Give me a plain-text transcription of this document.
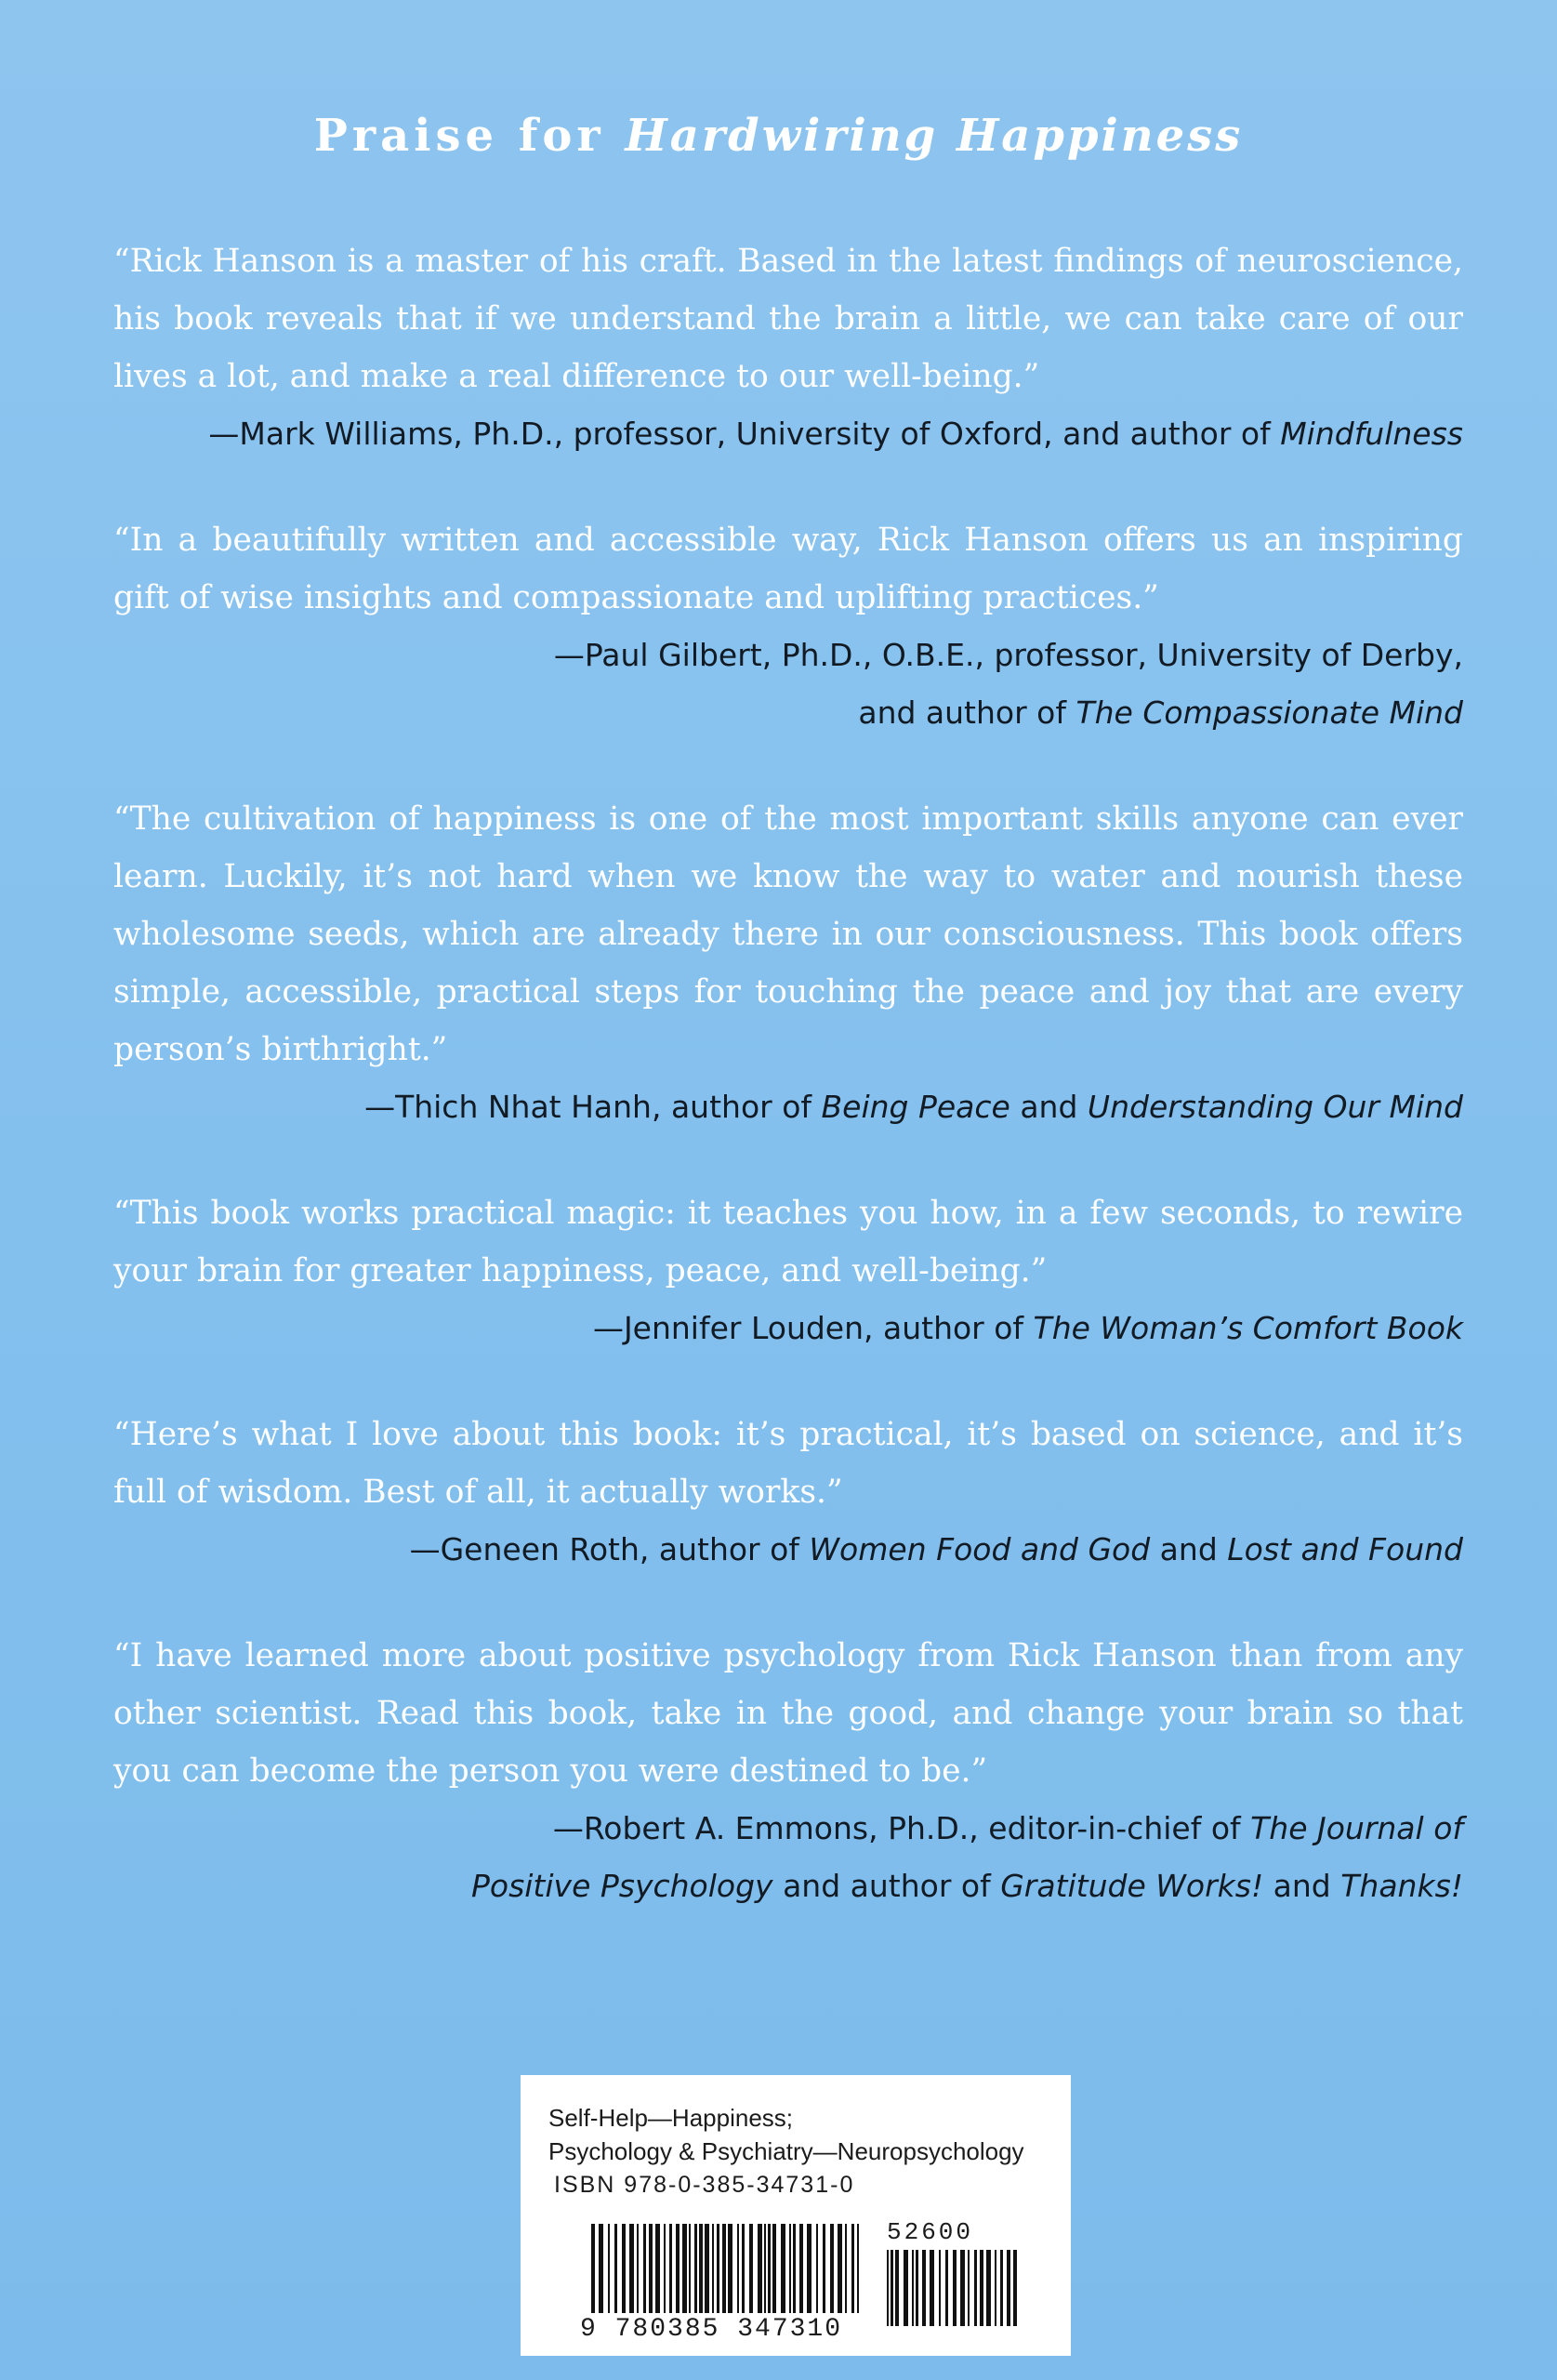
Praise for Hardwiring Happiness

“Rick Hanson is a master of his craft. Based in the latest findings of neuroscience, his book reveals that if we understand the brain a little, we can take care of our lives a lot, and make a real difference to our well-being.”

—Mark Williams, Ph.D., professor, University of Oxford, and author of Mindfulness

“In a beautifully written and accessible way, Rick Hanson offers us an inspiring gift of wise insights and compassionate and uplifting practices.”

—Paul Gilbert, Ph.D., O.B.E., professor, University of Derby,
and author of The Compassionate Mind

“The cultivation of happiness is one of the most important skills anyone can ever learn. Luckily, it’s not hard when we know the way to water and nourish these wholesome seeds, which are already there in our consciousness. This book offers simple, accessible, practical steps for touching the peace and joy that are every person’s birthright.”

—Thich Nhat Hanh, author of Being Peace and Understanding Our Mind

“This book works practical magic: it teaches you how, in a few seconds, to rewire your brain for greater happiness, peace, and well-being.”

—Jennifer Louden, author of The Woman’s Comfort Book

“Here’s what I love about this book: it’s practical, it’s based on science, and it’s full of wisdom. Best of all, it actually works.”

—Geneen Roth, author of Women Food and God and Lost and Found

“I have learned more about positive psychology from Rick Hanson than from any other scientist. Read this book, take in the good, and change your brain so that you can become the person you were destined to be.”

—Robert A. Emmons, Ph.D., editor-in-chief of The Journal of
Positive Psychology and author of Gratitude Works! and Thanks!

Self-Help—Happiness;

Psychology & Psychiatry—Neuropsychology

ISBN 978-0-385-34731-0

52600
9 780385 347310
